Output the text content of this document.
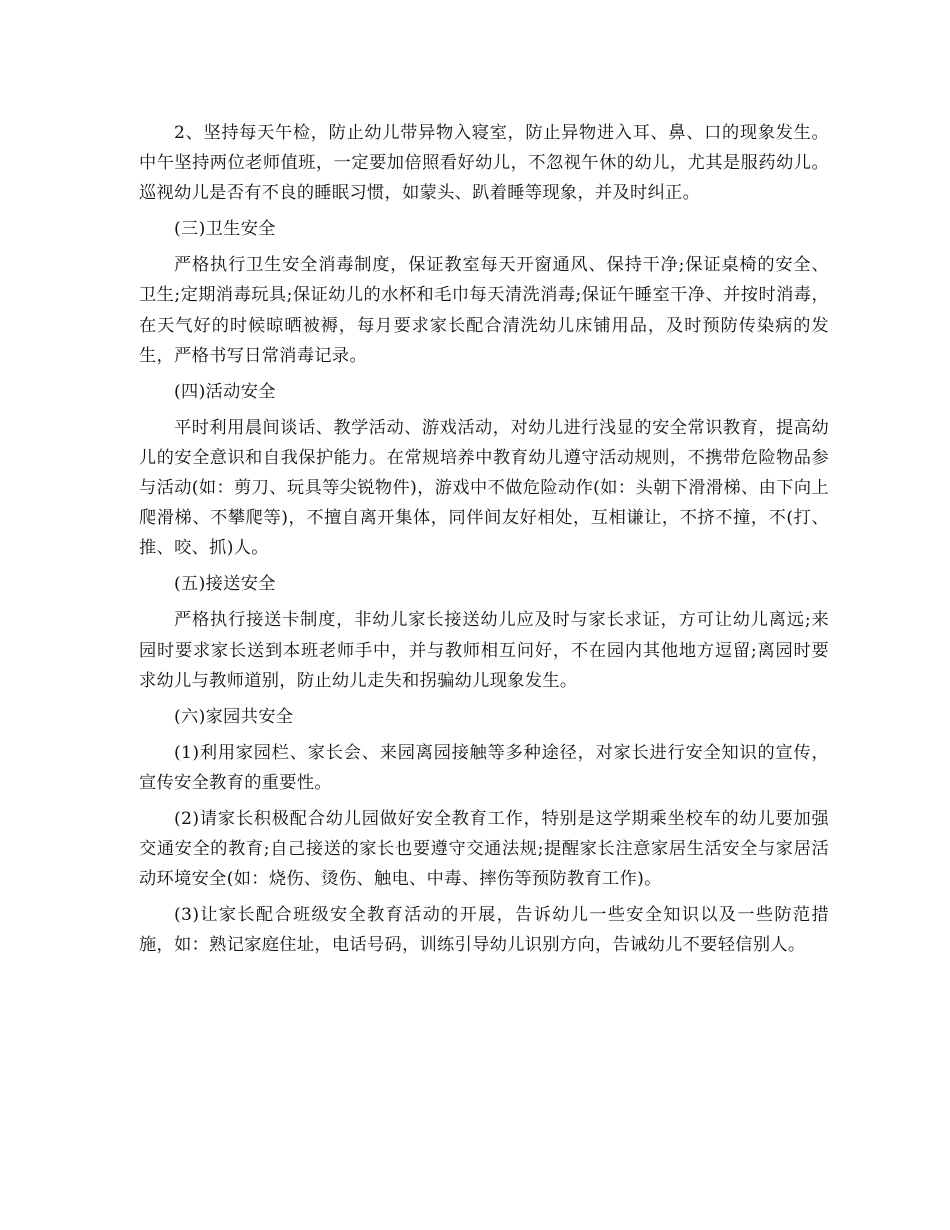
2、坚持每天午检，防止幼儿带异物入寝室，防止异物进入耳、鼻、口的现象发生。中午坚持两位老师值班，一定要加倍照看好幼儿，不忽视午休的幼儿，尤其是服药幼儿。巡视幼儿是否有不良的睡眠习惯，如蒙头、趴着睡等现象，并及时纠正。

(三)卫生安全

严格执行卫生安全消毒制度，保证教室每天开窗通风、保持干净;保证桌椅的安全、卫生;定期消毒玩具;保证幼儿的水杯和毛巾每天清洗消毒;保证午睡室干净、并按时消毒，在天气好的时候晾晒被褥，每月要求家长配合清洗幼儿床铺用品，及时预防传染病的发生，严格书写日常消毒记录。

(四)活动安全

平时利用晨间谈话、教学活动、游戏活动，对幼儿进行浅显的安全常识教育，提高幼儿的安全意识和自我保护能力。在常规培养中教育幼儿遵守活动规则，不携带危险物品参与活动(如：剪刀、玩具等尖锐物件)，游戏中不做危险动作(如：头朝下滑滑梯、由下向上爬滑梯、不攀爬等)，不擅自离开集体，同伴间友好相处，互相谦让，不挤不撞，不(打、推、咬、抓)人。

(五)接送安全

严格执行接送卡制度，非幼儿家长接送幼儿应及时与家长求证，方可让幼儿离远;来园时要求家长送到本班老师手中，并与教师相互问好，不在园内其他地方逗留;离园时要求幼儿与教师道别，防止幼儿走失和拐骗幼儿现象发生。

(六)家园共安全

(1)利用家园栏、家长会、来园离园接触等多种途径，对家长进行安全知识的宣传，宣传安全教育的重要性。

(2)请家长积极配合幼儿园做好安全教育工作，特别是这学期乘坐校车的幼儿要加强交通安全的教育;自己接送的家长也要遵守交通法规;提醒家长注意家居生活安全与家居活动环境安全(如：烧伤、烫伤、触电、中毒、摔伤等预防教育工作)。

(3)让家长配合班级安全教育活动的开展，告诉幼儿一些安全知识以及一些防范措施，如：熟记家庭住址，电话号码，训练引导幼儿识别方向，告诫幼儿不要轻信别人。
